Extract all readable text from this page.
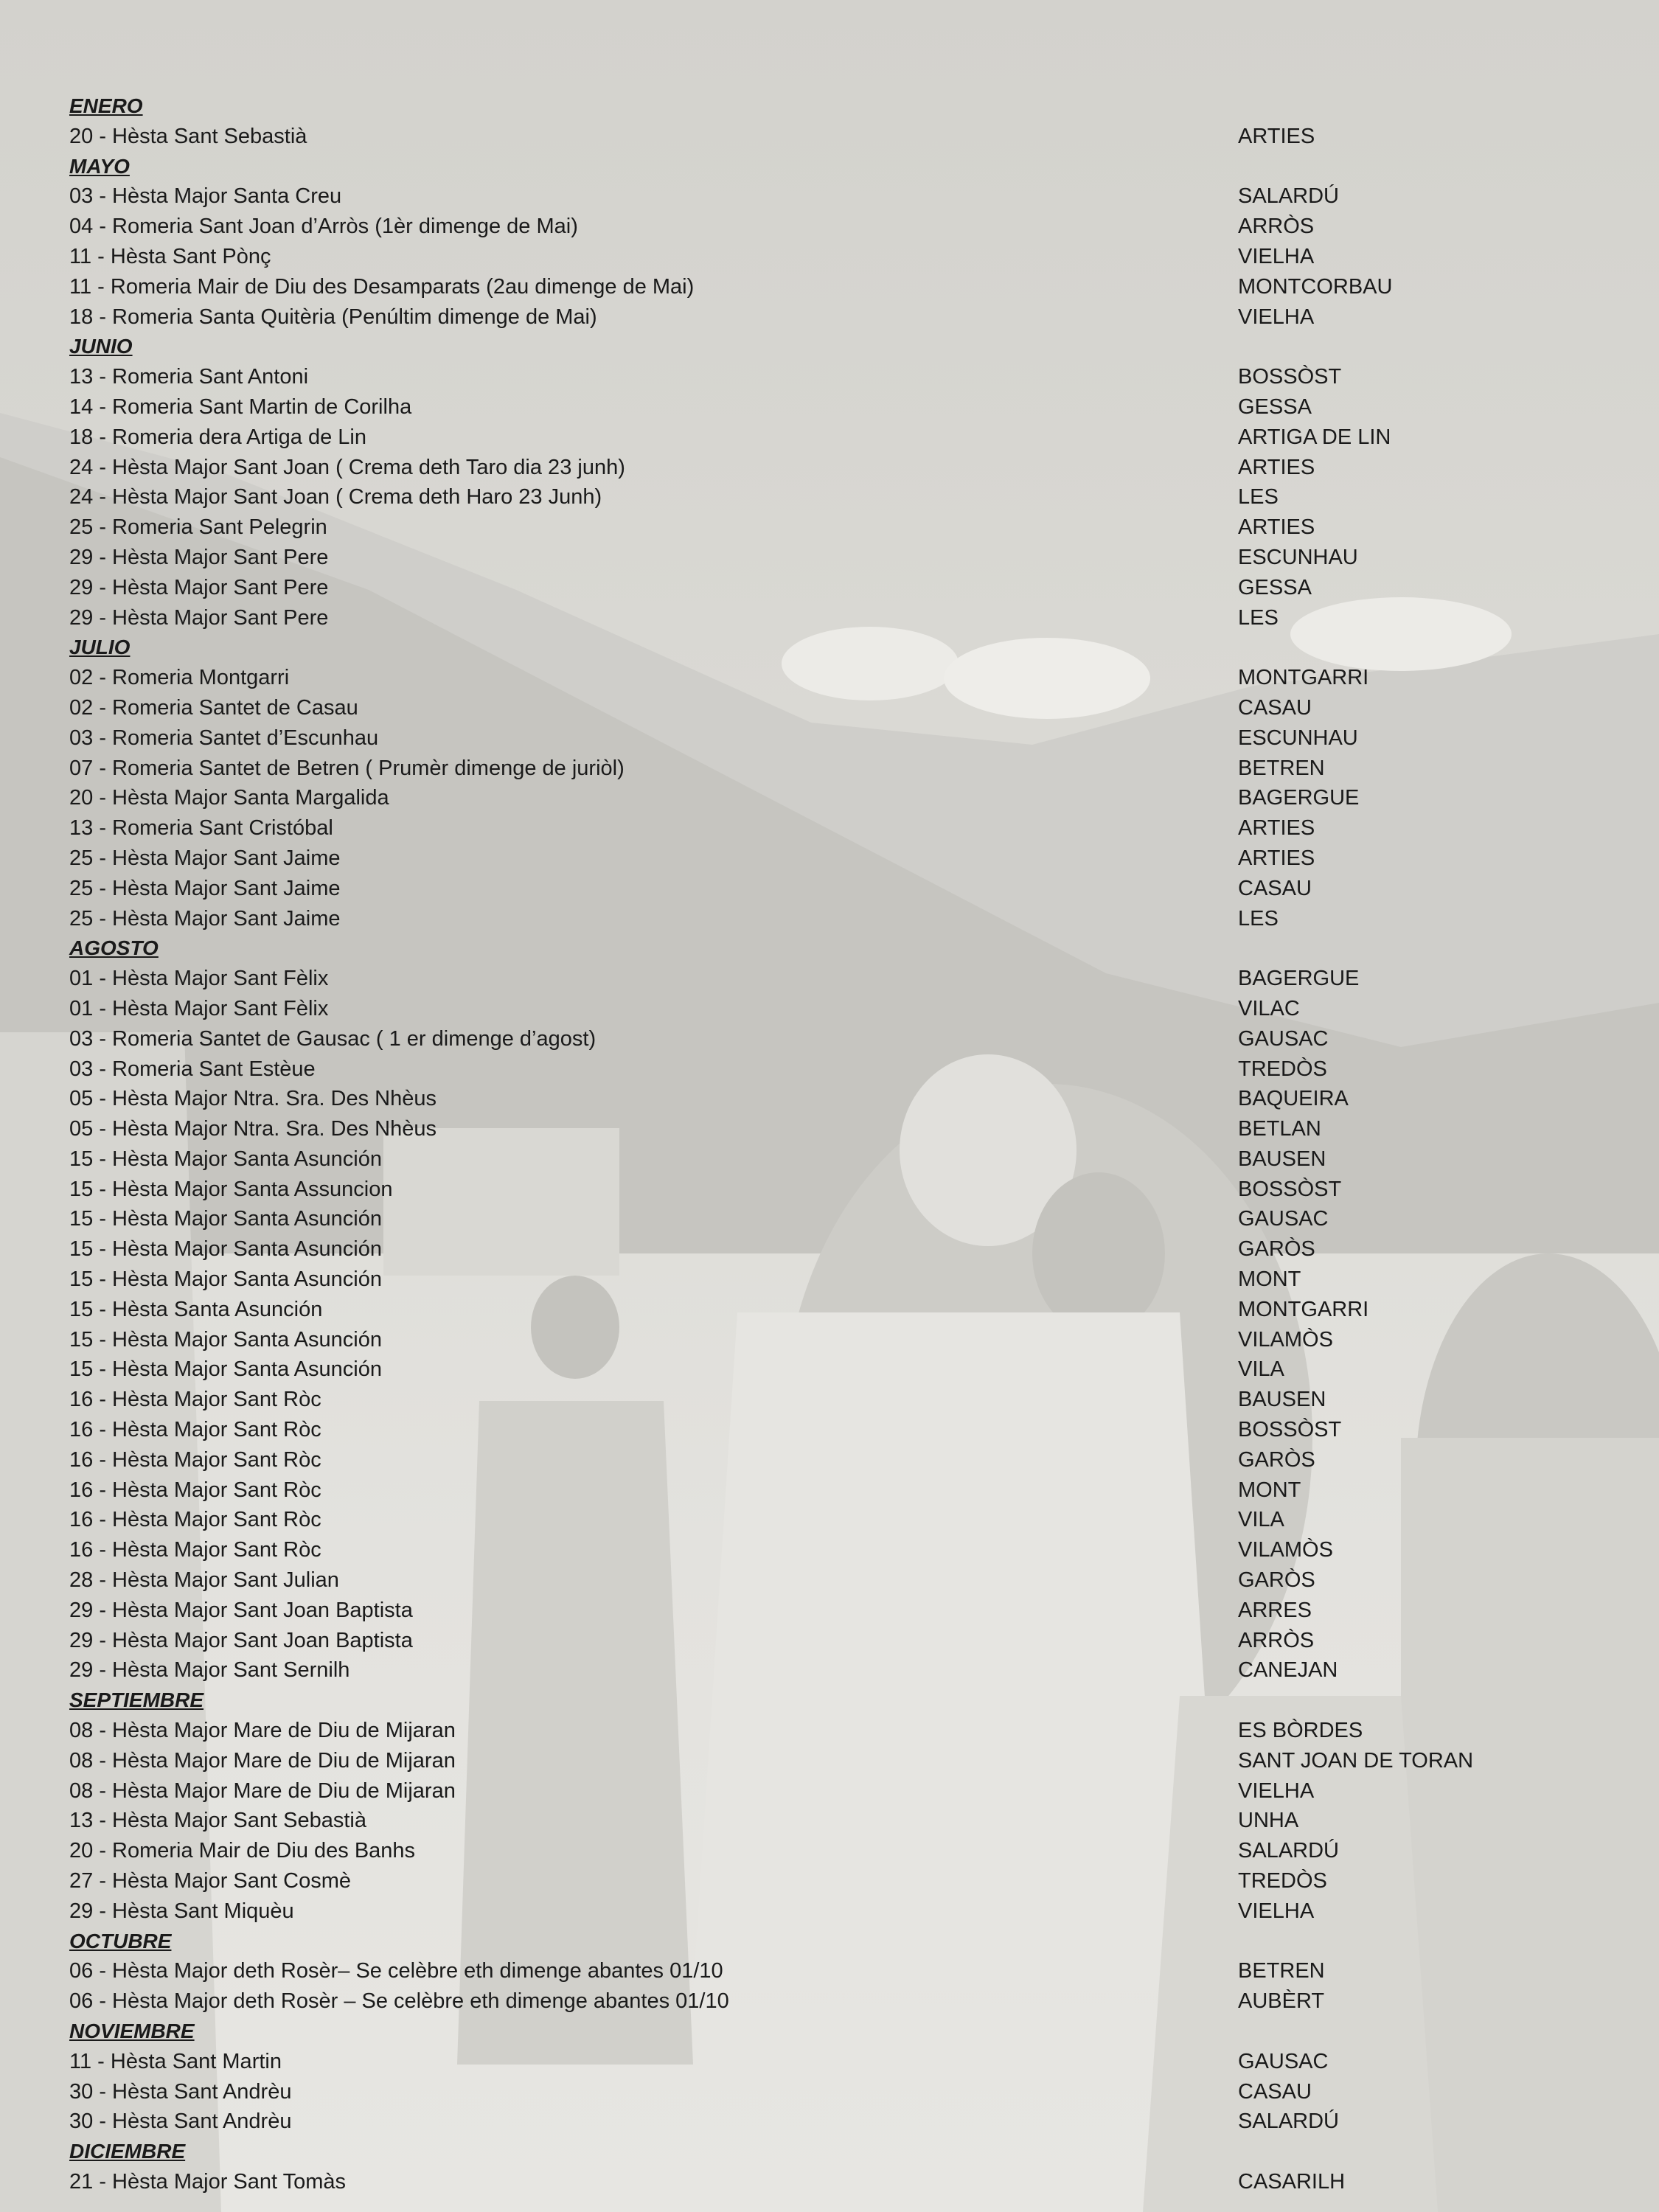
ENERO
20 - Hèsta Sant Sebastià	ARTIES
MAYO
03 - Hèsta Major Santa Creu	SALARDÚ
04 - Romeria Sant Joan d’Arròs (1èr dimenge de Mai)	ARRÒS
11 - Hèsta Sant Pònç	VIELHA
11 - Romeria Mair de Diu des Desamparats (2au dimenge de Mai)	MONTCORBAU
18 - Romeria Santa Quitèria (Penúltim dimenge de Mai)	VIELHA
JUNIO
13 - Romeria Sant Antoni	BOSSÒST
14 - Romeria Sant Martin de Corilha	GESSA
18 - Romeria dera Artiga de Lin	ARTIGA DE LIN
24 - Hèsta Major Sant Joan ( Crema deth Taro dia 23 junh)	ARTIES
24 - Hèsta Major Sant Joan ( Crema deth Haro 23 Junh)	LES
25 - Romeria Sant Pelegrin	ARTIES
29 - Hèsta Major Sant Pere	ESCUNHAU
29 - Hèsta Major Sant Pere	GESSA
29 - Hèsta Major Sant Pere	LES
JULIO
02 - Romeria Montgarri	MONTGARRI
02 - Romeria Santet de Casau	CASAU
03 - Romeria Santet d’Escunhau	ESCUNHAU
07 - Romeria Santet de Betren ( Prumèr dimenge de juriòl)	BETREN
20 - Hèsta Major Santa Margalida	BAGERGUE
13 - Romeria Sant Cristóbal	ARTIES
25 - Hèsta Major Sant Jaime	ARTIES
25 - Hèsta Major Sant Jaime	CASAU
25 - Hèsta Major Sant Jaime	LES
AGOSTO
01 - Hèsta Major Sant Fèlix	BAGERGUE
01 - Hèsta Major Sant Fèlix	VILAC
03 - Romeria Santet de Gausac ( 1 er dimenge d’agost)	GAUSAC
03 - Romeria Sant Estèue	TREDÒS
05 - Hèsta Major Ntra. Sra. Des Nhèus	BAQUEIRA
05 - Hèsta Major Ntra. Sra. Des Nhèus	BETLAN
15 - Hèsta Major Santa Asunción	BAUSEN
15 - Hèsta Major Santa Assuncion	BOSSÒST
15 - Hèsta Major Santa Asunción	GAUSAC
15 - Hèsta Major Santa Asunción	GARÒS
15 - Hèsta Major Santa Asunción	MONT
15 - Hèsta Santa Asunción	MONTGARRI
15 - Hèsta Major Santa Asunción	VILAMÒS
15 - Hèsta Major Santa Asunción	VILA
16 - Hèsta Major Sant Ròc	BAUSEN
16 - Hèsta Major Sant Ròc	BOSSÒST
16 - Hèsta Major Sant Ròc	GARÒS
16 - Hèsta Major Sant Ròc	MONT
16 - Hèsta Major Sant Ròc	VILA
16 - Hèsta Major Sant Ròc	VILAMÒS
28 - Hèsta Major Sant Julian	GARÒS
29 - Hèsta Major Sant Joan Baptista	ARRES
29 - Hèsta Major Sant Joan Baptista	ARRÒS
29 - Hèsta Major Sant Sernilh	CANEJAN
SEPTIEMBRE
08 - Hèsta Major Mare de Diu de Mijaran	ES BÒRDES
08 - Hèsta Major Mare de Diu de Mijaran	SANT JOAN DE TORAN
08 - Hèsta Major Mare de Diu de Mijaran	VIELHA
13 - Hèsta Major Sant Sebastià	UNHA
20 - Romeria Mair de Diu des Banhs	SALARDÚ
27 - Hèsta Major Sant Cosmè	TREDÒS
29 - Hèsta Sant Miquèu	VIELHA
OCTUBRE
06 - Hèsta Major deth Rosèr– Se celèbre eth dimenge abantes 01/10	BETREN
06 - Hèsta Major deth Rosèr – Se celèbre eth dimenge abantes 01/10	AUBÈRT
NOVIEMBRE
11 - Hèsta Sant Martin	GAUSAC
30 - Hèsta Sant Andrèu	CASAU
30 - Hèsta Sant Andrèu	SALARDÚ
DICIEMBRE
21 - Hèsta Major Sant Tomàs	CASARILH
